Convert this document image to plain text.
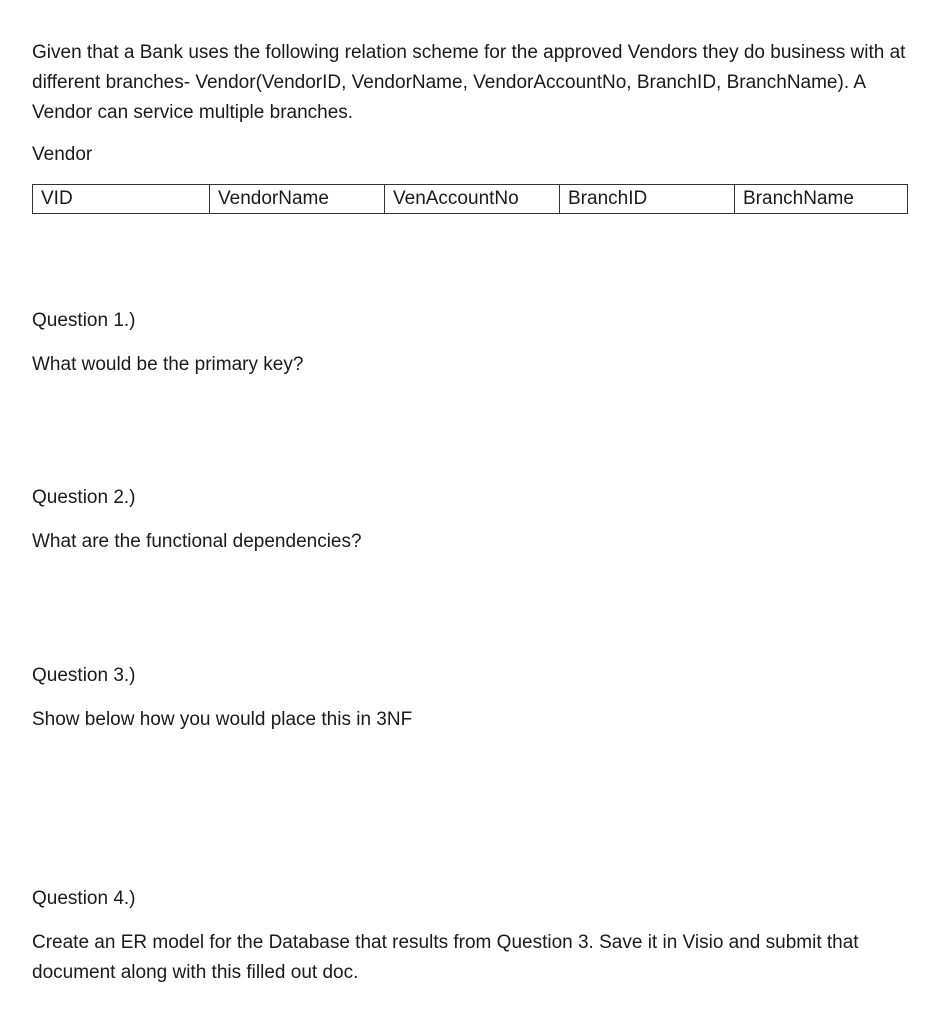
Given that a Bank uses the following relation scheme for the approved Vendors they do business with at different branches- Vendor(VendorID, VendorName, VendorAccountNo, BranchID, BranchName). A Vendor can service multiple branches.

Vendor

VID	VendorName	VenAccountNo	BranchID	BranchName

Question 1.)

What would be the primary key?

Question 2.)

What are the functional dependencies?

Question 3.)

Show below how you would place this in 3NF

Question 4.)

Create an ER model for the Database that results from Question 3. Save it in Visio and submit that document along with this filled out doc.
